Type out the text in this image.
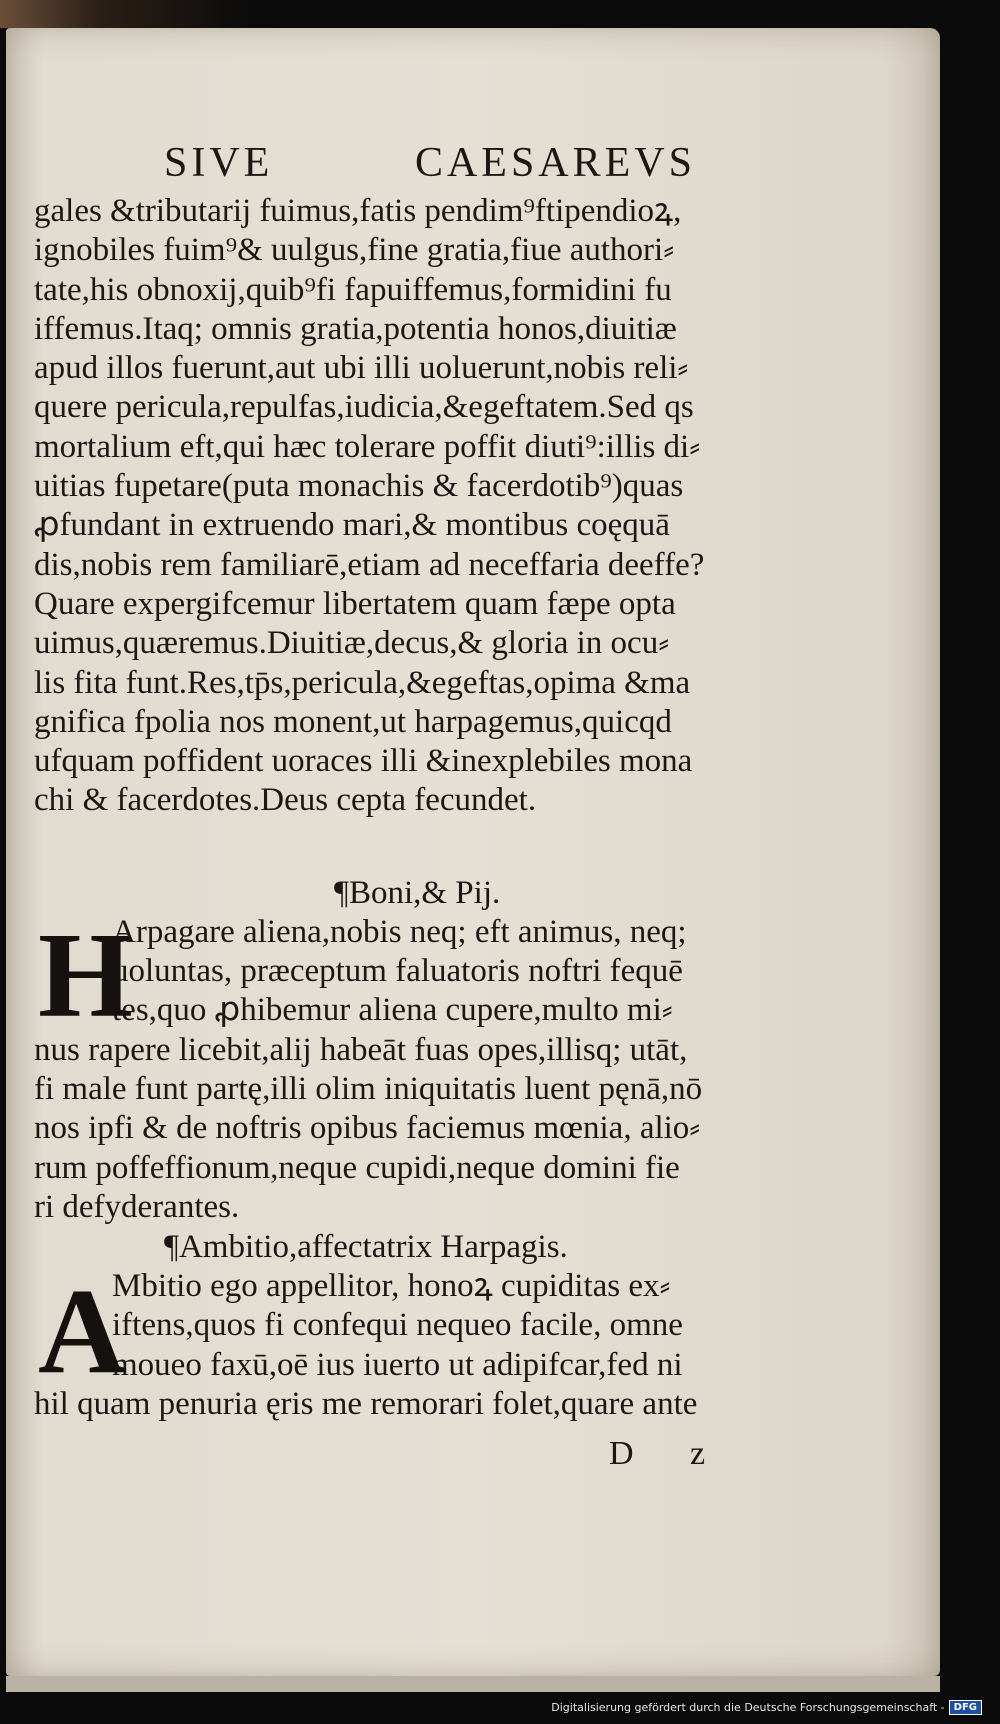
SIVE	CAESAREVS
gales &tributarij fuimus,fatis pendim⁹ftipendioꝝ,
ignobiles fuim⁹& uulgus,fine gratia,fiue authori⸗
tate,his obnoxij,quib⁹fi fapuiffemus,formidini fu
iffemus.Itaq; omnis gratia,potentia honos,diuitiæ
apud illos fuerunt,aut ubi illi uoluerunt,nobis reli⸗
quere pericula,repulfas,iudicia,&egeftatem.Sed qs
mortalium eft,qui hæc tolerare poffit diuti⁹:illis di⸗
uitias fupetare(puta monachis & facerdotib⁹)quas
ꝓfundant in extruendo mari,& montibus coęquā
dis,nobis rem familiarē,etiam ad neceffaria deeffe?
Quare expergifcemur libertatem quam fæpe opta
uimus,quæremus.Diuitiæ,decus,& gloria in ocu⸗
lis fita funt.Res,tp̄s,pericula,&egeftas,opima &ma
gnifica fpolia nos monent,ut harpagemus,quicqd
ufquam poffident uoraces illi &inexplebiles mona
chi & facerdotes.Deus cepta fecundet.
¶Boni,& Pij.
H
Arpagare aliena,nobis neq; eft animus, neq;
uoluntas, præceptum faluatoris noftri fequē
tes,quo ꝓhibemur aliena cupere,multo mi⸗
nus rapere licebit,alij habeāt fuas opes,illisq; utāt,
fi male funt partę,illi olim iniquitatis luent pęnā,nō
nos ipfi & de noftris opibus faciemus mœnia, alio⸗
rum poffeffionum,neque cupidi,neque domini fie
ri defyderantes.
¶Ambitio,affectatrix Harpagis.
A
Mbitio ego appellitor, honoꝝ cupiditas ex⸗
iftens,quos fi confequi nequeo facile, omne
moueo faxū,oē ius iuerto ut adipifcar,fed ni
hil quam penuria ęris me remorari folet,quare ante
D z
Digitalisierung gefördert durch die Deutsche Forschungsgemeinschaft - DFG
